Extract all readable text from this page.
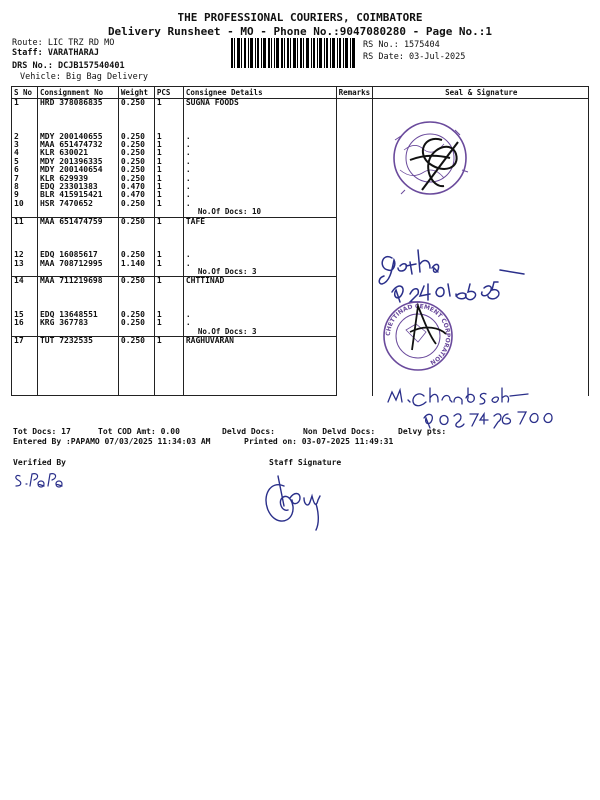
THE PROFESSIONAL COURIERS, COIMBATORE
Delivery Runsheet - MO - Phone No.:9047080280 - Page No.:1
Route: LIC TRZ RD MO
Staff: VARATHARAJ
DRS No.: DCJB157540401
Vehicle: Big Bag Delivery
RS No.: 1575404
RS Date: 03-Jul-2025
S No	Consignment No	Weight	PCS	Consignee Details	Remarks	Seal & Signature
1	HRD 378086835	0.250	1	SUGNA FOODS		

2	MDY 200140655	0.250	1	.		
3	MAA 651474732	0.250	1	.		
4	KLR 630021	0.250	1	.		
5	MDY 201396335	0.250	1	.		
6	MDY 200140654	0.250	1	.		
7	KLR 629939	0.250	1	.		
8	EDQ 23301383	0.470	1	.		
9	BLR 415915421	0.470	1	.		
10	HSR 7470652	0.250	1	.		
				No.Of Docs: 10		
11	MAA 651474759	0.250	1	TAFE		

12	EDQ 16085617	0.250	1	.		
13	MAA 708712995	1.140	1	.		
				No.Of Docs: 3		
14	MAA 711219698	0.250	1	CHTTINAD		

15	EDQ 13648551	0.250	1	.		
16	KRG 367783	0.250	1	.		
				No.Of Docs: 3		
17	TUT 7232535	0.250	1	RAGHUVARAN		

CHETTINAD CEMENT CORPORATION
Tot Docs: 17	Tot COD Amt: 0.00	Delvd Docs:	Non Delvd Docs:	Delvy pts:
Entered By :PAPAMO 07/03/2025 11:34:03 AM	Printed on: 03-07-2025 11:49:31
Verified By	Staff Signature
